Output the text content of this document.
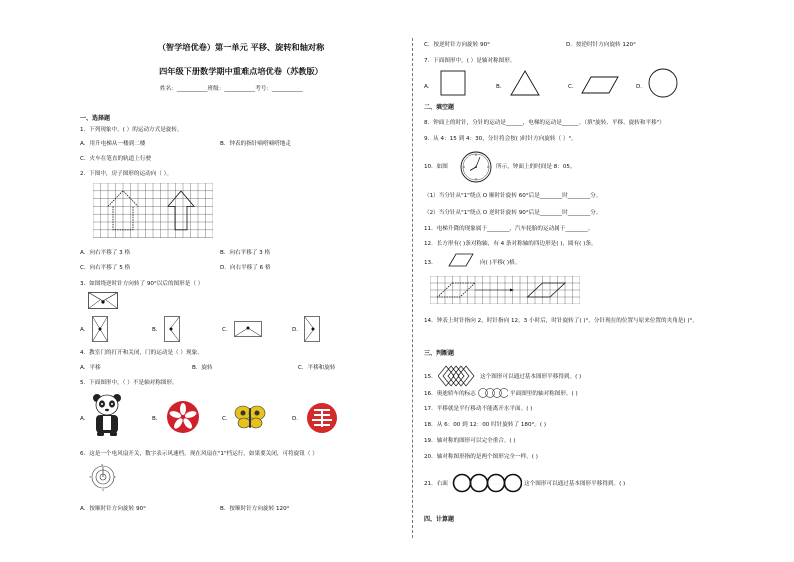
（智学培优卷）第一单元 平移、旋转和轴对称
四年级下册数学期中重难点培优卷（苏教版）
姓名：___________班级：___________考号：___________
一、选择题
1．下列现象中，( ）的运动方式是旋转。
A．用升电梯从一楼到二楼	B．钟表的指针嘀嗒嘀嗒地走
C．火车在笔直的轨道上行驶
2．下图中，房子图形的运动向（ ）。
A．向右平移了 3 格	B．向右平移了 3 格
C．向右平移了 5 格	D．向右平移了 6 格
3．如图绕逆时针方向转了 90°以后的图形是（ ）
A．	B．	C．	D．
4．教室门的打开和关闭，门的运动是（ ）现象。
A．平移	B．旋转	C．平移和旋转
5．下面图形中，（ ）不是轴对称图形。
A．	B．	C．	D．
6．这是一个电风扇开关，数字表示风速档。现在风扇在"1"档运行，如果要关闭，可将旋钮（ ）
0
1
2
3
A．按顺时针方向旋转 90°	B．按顺时针方向旋转 120°
C．按逆时针方向旋转 90°	D．按逆时针方向旋转 120°
7．下面图形中，( ）是轴对称图形。
A．	B．	C．	D．
二、填空题
8．钟面上的时针，分针的运动是______，电梯的运动是______。（填"旋转、平移、旋转和平移"）
9．从 4：15 到 4：30，分针将会按( )时针方向旋转（ ）°。
10．如图	所示，钟面上的时间是 8：05。
（1）当分针从"1"绕点 O 顺时针旋转 60°后是________时________分。
（2）当分针从"1"绕点 O 逆时针旋转 90°后是________时________分。
11．电梯升降的现象属于________，汽车轮胎的运动属于________。
12．长方形有( )条对称轴，有 4 条对称轴的四边形是( )，圆有( )条。
13．	向( )平移( )格。
14．钟表上时针指向 2，时针指向 12，3 小时后，时针旋转了( )°，分针现在的位置与原来位置的夹角是( )°。
三、判断题
15．	这个图形可以通过基本图形平移得到。( )
16．奥迪轿车的标志	平面图里的轴对称图形。( )
17．平移就是平行移动不能离开水平面。( )
18．从 6：00 到 12：00 时针旋转了 180°。( )
19．轴对称的图形可以完全重合。( )
20．轴对称图形指的是两个图形完全一样。( )
21．右面	这个图形可以通过基本图形平移得到。( )
四、计算题
